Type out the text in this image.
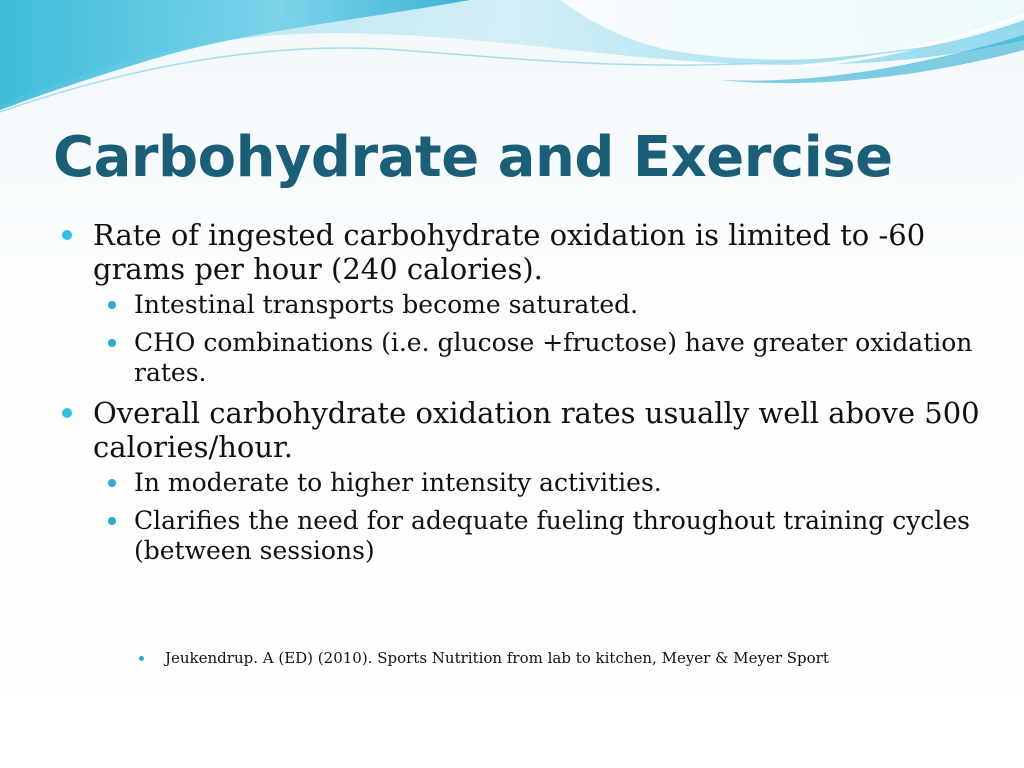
Carbohydrate and Exercise
Rate of ingested carbohydrate oxidation is limited to -60 grams per hour (240 calories).
Intestinal transports become saturated.
CHO combinations (i.e. glucose +fructose) have greater oxidation rates.
Overall carbohydrate oxidation rates usually well above 500 calories/hour.
In moderate to higher intensity activities.
Clarifies the need for adequate fueling throughout training cycles (between sessions)
Jeukendrup. A (ED) (2010). Sports Nutrition from lab to kitchen, Meyer & Meyer Sport
